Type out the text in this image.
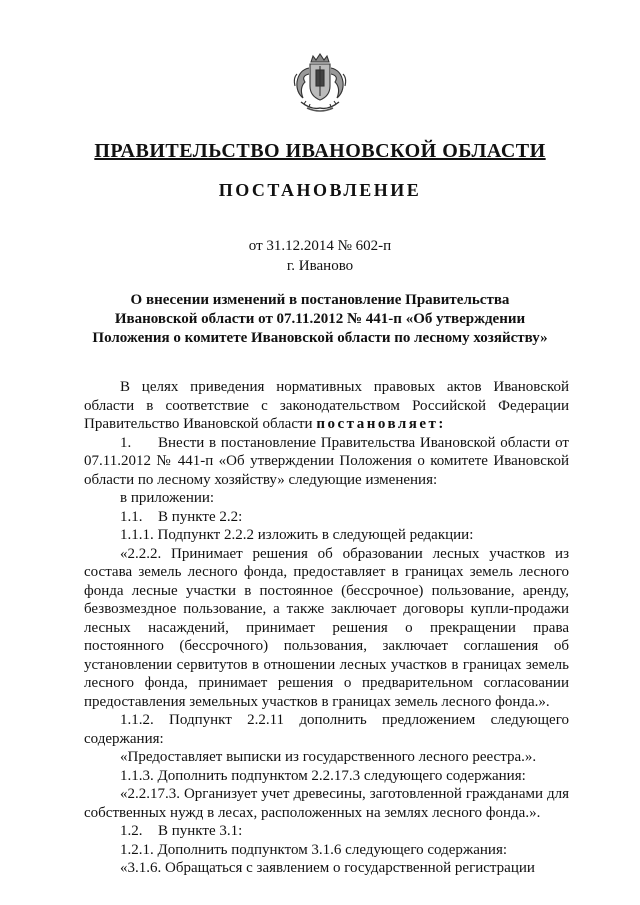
ПРАВИТЕЛЬСТВО ИВАНОВСКОЙ ОБЛАСТИ
ПОСТАНОВЛЕНИЕ
от 31.12.2014 № 602-п
г. Иваново
О внесении изменений в постановление Правительства
Ивановской области от 07.11.2012 № 441-п «Об утверждении
Положения о комитете Ивановской области по лесному хозяйству»

В целях приведения нормативных правовых актов Ивановской области в соответствие с законодательством Российской Федерации Правительство Ивановской области постановляет:

1. Внести в постановление Правительства Ивановской области от 07.11.2012 № 441-п «Об утверждении Положения о комитете Ивановской области по лесному хозяйству» следующие изменения:

в приложении:

1.1. В пункте 2.2:

1.1.1. Подпункт 2.2.2 изложить в следующей редакции:

«2.2.2. Принимает решения об образовании лесных участков из состава земель лесного фонда, предоставляет в границах земель лесного фонда лесные участки в постоянное (бессрочное) пользование, аренду, безвозмездное пользование, а также заключает договоры купли-продажи лесных насаждений, принимает решения о прекращении права постоянного (бессрочного) пользования, заключает соглашения об установлении сервитутов в отношении лесных участков в границах земель лесного фонда, принимает решения о предварительном согласовании предоставления земельных участков в границах земель лесного фонда.».

1.1.2. Подпункт 2.2.11 дополнить предложением следующего содержания:

«Предоставляет выписки из государственного лесного реестра.».

1.1.3. Дополнить подпунктом 2.2.17.3 следующего содержания:

«2.2.17.3. Организует учет древесины, заготовленной гражданами для собственных нужд в лесах, расположенных на землях лесного фонда.».

1.2. В пункте 3.1:

1.2.1. Дополнить подпунктом 3.1.6 следующего содержания:

«3.1.6. Обращаться с заявлением о государственной регистрации
